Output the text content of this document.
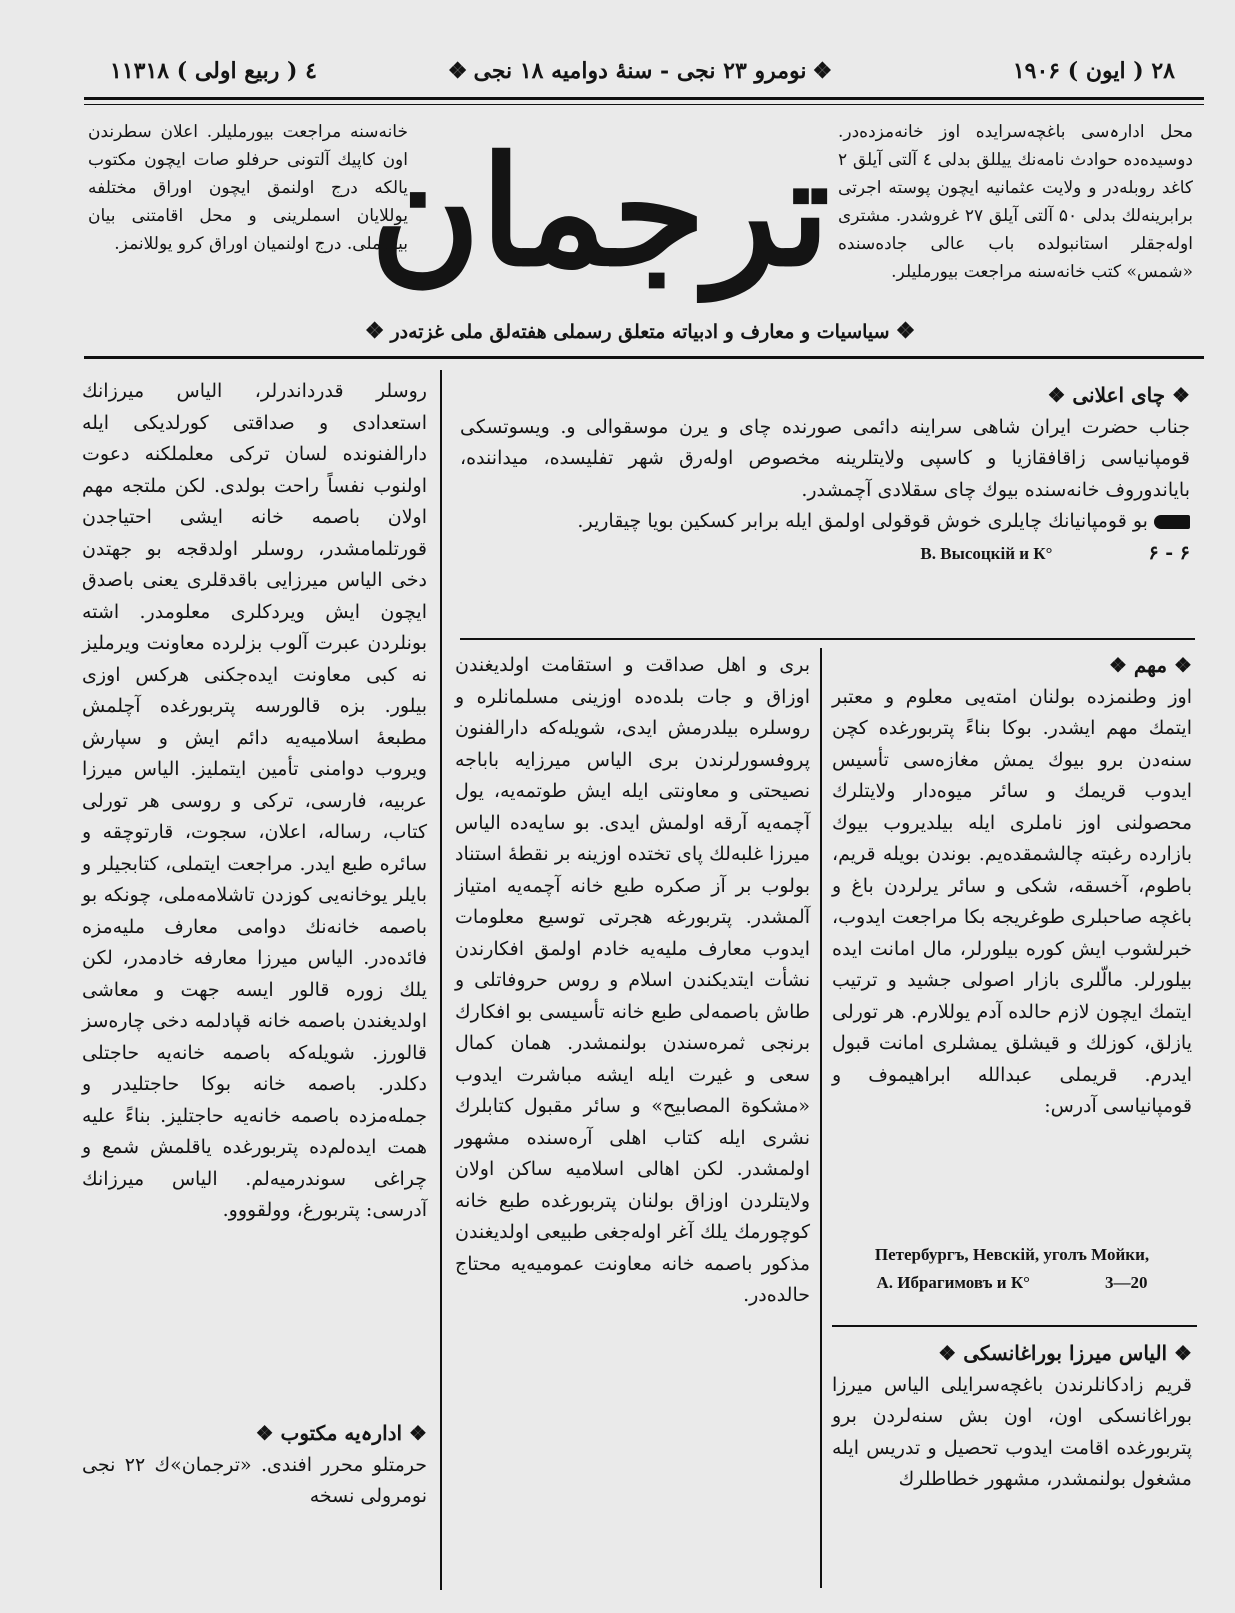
۱۹۰۶ ( ایون ) ۲۸
❖ نومرو ۲۳ نجی - سنهٔ دوامیه ۱۸ نجی ❖
۱٤ ( ربیع اولی ) ۱۳۱۸
محل ادارہ‌سی باغچه‌سرایده اوز خانه‌مزده‌در. دوسیده‌ده حوادث نامه‌نك ییللق بدلی ٤ آلتی آیلق ۲ کاغد روبله‌در و ولایت عثمانیه ایچون پوسته اجرتی برابرینه‌لك بدلی ۵۰ آلتی آیلق ۲۷ غروشدر. مشتری اوله‌جقلر استانبولده باب عالی جاده‌سنده «شمس» کتب خانه‌سنه مراجعت بیورملیلر.
ترجمان
خانه‌سنه مراجعت بیورملیلر. اعلان سطرندن اون کاپیك آلتونی حرفلو صات ایچون مکتوب یالکه درج اولنمق ایچون اوراق مختلفه یوللایان اسملرینی و محل اقامتنی بیان بیورملی. درج اولنمیان اوراق کرو یوللانمز.
❖سیاسیات و معارف و ادبیاته متعلق رسملی هفته‌لق ملی غزته‌در❖

❖ چای اعلانی ❖

جناب حضرت ایران شاهی سراینه دائمی صورنده چای و یرن موسقوالی و. ویسوتسکی قومپانیاسی زاقافقازیا و کاسپی ولایتلرینه مخصوص اوله‌رق شهر تفلیسده، میداننده، بایاندوروف خانه‌سنده بیوك چای سقلادی آچمشدر.

بو قومپانیانك چایلری خوش قوقولی اولمق ایله برابر کسکین بویا چیقاریر.

В. Высоцкій и К°	۶ - ۶

روسلر قدرداندرلر، الیاس میرزانك استعدادی و صداقتی کورلدیکی ایله دارالفنونده لسان ترکی معلملکنه دعوت اولنوب نفساً راحت بولدی. لکن ملتجه مهم اولان باصمه خانه ایشی احتیاجدن قورتلمامشدر، روسلر اولدقجه بو جهتدن دخی الیاس میرزایی باقدقلری یعنی باصدق ایچون ایش ویردکلری معلومدر. اشته بونلردن عبرت آلوب بزلرده معاونت ویرملیز نه کبی معاونت ایده‌جکنی هرکس اوزی بیلور. بزه قالورسه پتربورغده آچلمش مطبعهٔ اسلامیه‌یه دائم ایش و سپارش ویروب دوامنی تأمین ایتملیز. الیاس میرزا عربیه، فارسی، ترکی و روسی هر تورلی کتاب، رساله، اعلان، سجوت، قارتوچقه و سائره طبع ایدر. مراجعت ایتملی، کتابجیلر و بایلر یوخانه‌یی کوزدن تاشلامه‌ملی، چونکه بو باصمه خانه‌نك دوامی معارف ملیه‌مزه فائده‌در. الیاس میرزا معارفه خادمدر، لکن یلك زوره قالور ایسه جهت و معاشی اولدیغندن باصمه خانه قپادلمه دخی چاره‌سز قالورز. شویله‌که باصمه خانه‌یه حاجتلی دکلدر. باصمه خانه بوکا حاجتلیدر و جمله‌مزده باصمه خانه‌یه حاجتلیز. بناءً علیه همت ایده‌لم‌ده پتربورغده یاقلمش شمع و چراغی سوندرمیه‌لم. الیاس میرزانك آدرسی: پتربورغ، وولقووو.

❖ ادارہ‌یه مکتوب ❖

حرمتلو محرر افندی. «ترجمان»‌ك ۲۲ نجی نومرولی نسخه

بری و اهل صداقت و استقامت اولدیغندن اوزاق و جات بلده‌ده اوزینی مسلمانلره و روسلره بیلدرمش ایدی، شویله‌که دارالفنون پروفسورلرندن بری الیاس میرزایه باباجه نصیحتی و معاونتی ایله ایش طوتمه‌یه، یول آچمه‌یه آرقه اولمش ایدی. بو سایه‌ده الیاس میرزا غلبه‌لك پای تختده اوزینه بر نقطهٔ استناد بولوب بر آز صکره طبع خانه آچمه‌یه امتیاز آلمشدر. پتربورغه هجرتی توسیع معلومات ایدوب معارف ملیه‌یه خادم اولمق افکارندن نشأت ایتدیکندن اسلام و روس حروفاتلی و طاش باصمه‌لی طبع خانه تأسیسی بو افکارك برنجی ثمره‌سندن بولنمشدر. همان کمال سعی و غیرت ایله ایشه مباشرت ایدوب «مشکوة المصابیح» و سائر مقبول کتابلرك نشری ایله کتاب اهلی آره‌سنده مشهور اولمشدر. لکن اهالی اسلامیه ساکن اولان ولایتلردن اوزاق بولنان پتربورغده طبع خانه کوچورمك یلك آغر اوله‌جغی طبیعی اولدیغندن مذکور باصمه خانه معاونت عمومیه‌یه محتاج حالده‌در.

❖ مهم ❖

اوز وطنمزده بولنان امته‌یی معلوم و معتبر ایتمك مهم ایشدر. بوکا بناءً پتربورغده کچن سنه‌دن برو بیوك یمش مغازه‌سی تأسیس ایدوب قریمك و سائر میوه‌دار ولایتلرك محصولنی اوز ناملری ایله بیلدیروب بیوك بازارده رغبته چالشمقده‌یم. بوندن بویله قریم، باطوم، آخسقه، شکی و سائر یرلردن باغ و باغچه صاحبلری طوغریجه بکا مراجعت ایدوب، خبرلشوب ایش کوره بیلورلر، مال امانت ایده بیلورلر. مالّلری بازار اصولی جشید و ترتیب ایتمك ایچون لازم حالده آدم یوللارم. هر تورلی یازلق، کوزلك و قیشلق یمشلری امانت قبول ایدرم. قریملی عبدالله ابراهیموف و قومپانیاسی آدرس:

Петербургъ, Невскій, уголъ Мойки,
А. Ибрагимовъ и К°	3—20

❖ الیاس میرزا بوراغانسکی ❖

قریم زادکانلرندن باغچه‌سرایلی الیاس میرزا بوراغانسکی اون، اون بش سنه‌لردن برو پتربورغده اقامت ایدوب تحصیل و تدریس ایله مشغول بولنمشدر، مشهور خطاطلرك
